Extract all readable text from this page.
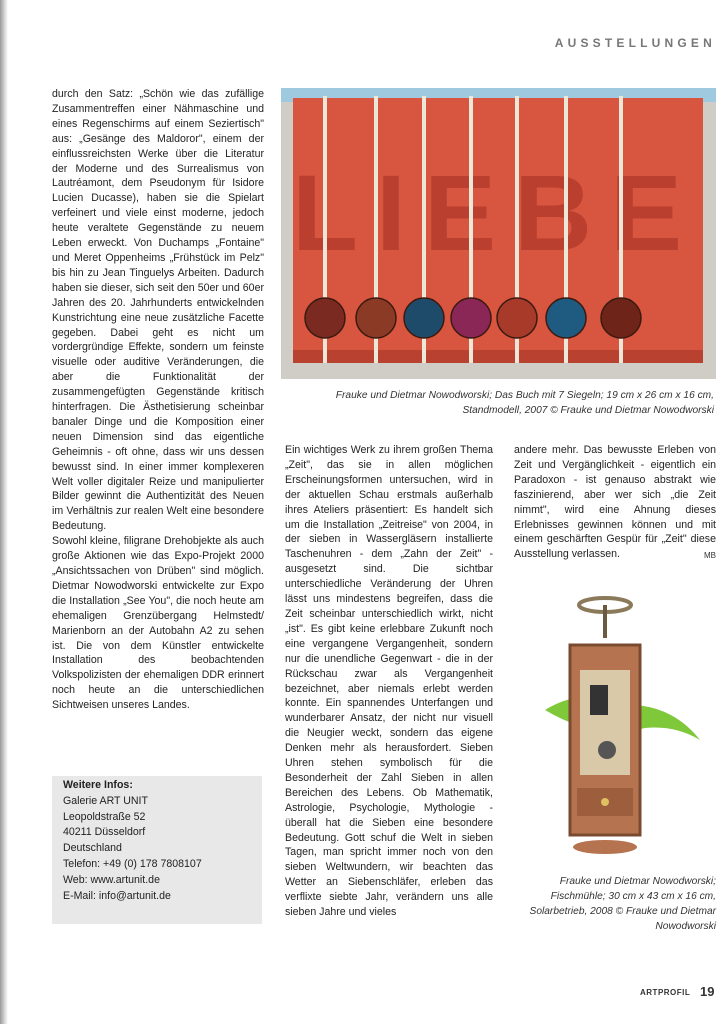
AUSSTELLUNGEN

durch den Satz: „Schön wie das zufällige Zusammentreffen einer Nähmaschine und eines Regenschirms auf einem Seziertisch" aus: „Gesänge des Maldoror", einem der einflussreichsten Werke über die Literatur der Moderne und des Surrealismus von Lautréamont, dem Pseudonym für Isidore Lucien Ducasse), haben sie die Spielart verfeinert und viele einst moderne, jedoch heute veraltete Gegenstände zu neuem Leben erweckt. Von Duchamps „Fontaine" und Meret Oppenheims „Frühstück im Pelz" bis hin zu Jean Tinguelys Arbeiten. Dadurch haben sie dieser, sich seit den 50er und 60er Jahren des 20. Jahrhunderts entwickelnden Kunstrichtung eine neue zusätzliche Facette gegeben. Dabei geht es nicht um vordergründige Effekte, sondern um feinste visuelle oder auditive Veränderungen, die aber die Funktionalität der zusammengefügten Gegenstände kritisch hinterfragen. Die Ästhetisierung scheinbar banaler Dinge und die Komposition einer neuen Dimension sind das eigentliche Geheimnis - oft ohne, dass wir uns dessen bewusst sind. In einer immer komplexeren Welt voller digitaler Reize und manipulierter Bilder gewinnt die Authentizität des Neuen im Verhältnis zur realen Welt eine besondere Bedeutung.

Sowohl kleine, filigrane Drehobjekte als auch große Aktionen wie das Expo-Projekt 2000 „Ansichtssachen von Drüben" sind möglich. Dietmar Nowodworski entwickelte zur Expo die Installation „See You", die noch heute am ehemaligen Grenzübergang Helmstedt/ Marienborn an der Autobahn A2 zu sehen ist. Die von dem Künstler entwickelte Installation des beobachtenden Volkspolizisten der ehemaligen DDR erinnert noch heute an die unterschiedlichen Sichtweisen unseres Landes.

Weitere Infos:
Galerie ART UNIT
Leopoldstraße 52
40211 Düsseldorf
Deutschland
Telefon: +49 (0) 178 7808107
Web: www.artunit.de
E-Mail: info@artunit.de
LIEBE
Frauke und Dietmar Nowodworski; Das Buch mit 7 Siegeln; 19 cm x 26 cm x 16 cm, Standmodell, 2007 © Frauke und Dietmar Nowodworski

Ein wichtiges Werk zu ihrem großen Thema „Zeit", das sie in allen möglichen Erscheinungsformen untersuchen, wird in der aktuellen Schau erstmals außerhalb ihres Ateliers präsentiert: Es handelt sich um die Installation „Zeitreise" von 2004, in der sieben in Wassergläsern installierte Taschenuhren - dem „Zahn der Zeit" - ausgesetzt sind. Die sichtbar unterschiedliche Veränderung der Uhren lässt uns mindestens begreifen, dass die Zeit scheinbar unterschiedlich wirkt, nicht „ist". Es gibt keine erlebbare Zukunft noch eine vergangene Vergangenheit, sondern nur die unendliche Gegenwart - die in der Rückschau zwar als Vergangenheit bezeichnet, aber niemals erlebt werden konnte. Ein spannendes Unterfangen und wunderbarer Ansatz, der nicht nur visuell die Neugier weckt, sondern das eigene Denken mehr als herausfordert. Sieben Uhren stehen symbolisch für die Besonderheit der Zahl Sieben in allen Bereichen des Lebens. Ob Mathematik, Astrologie, Psychologie, Mythologie - überall hat die Sieben eine besondere Bedeutung. Gott schuf die Welt in sieben Tagen, man spricht immer noch von den sieben Weltwundern, wir beachten das Wetter an Siebenschläfer, erleben das verflixte siebte Jahr, verändern uns alle sieben Jahre und vieles

andere mehr. Das bewusste Erleben von Zeit und Vergänglichkeit - eigentlich ein Paradoxon - ist genauso abstrakt wie faszinierend, aber wer sich „die Zeit nimmt", wird eine Ahnung dieses Erlebnisses gewinnen können und mit einem geschärften Gespür für „Zeit" diese Ausstellung verlassen.	MB
Frauke und Dietmar Nowodworski; Fischmühle; 30 cm x 43 cm x 16 cm, Solarbetrieb, 2008 © Frauke und Dietmar Nowodworski
ARTPROFIL 19
